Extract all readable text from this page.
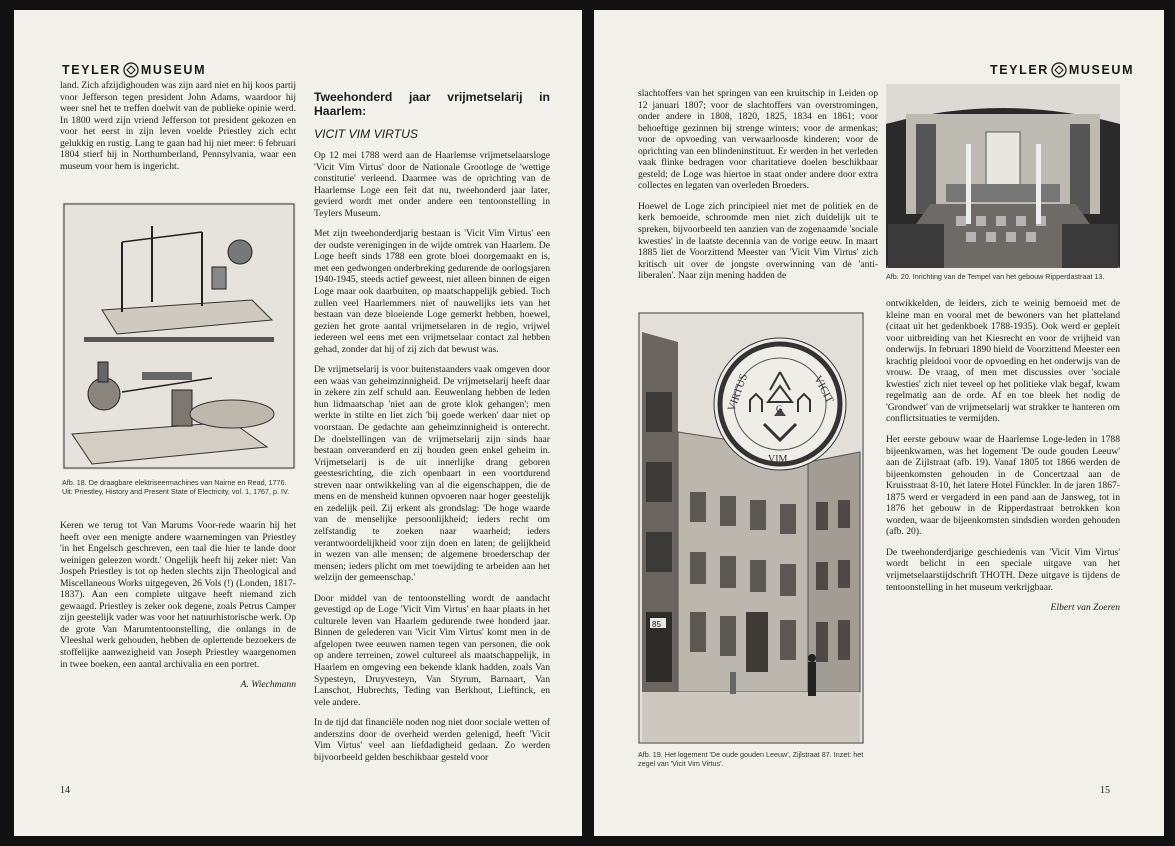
TEYLER MUSEUM

land. Zich afzijdighouden was zijn aard niet en hij koos partij voor Jefferson tegen president John Adams, waardoor hij weer snel het te treffen doelwit van de publieke opinie werd. In 1800 werd zijn vriend Jefferson tot president gekozen en voor het eerst in zijn leven voelde Priestley zich echt gelukkig en rustig. Lang te gaan had hij niet meer: 6 februari 1804 stierf hij in Northumberland, Pennsylvania, waar een museum voor hem is ingericht.

Afb. 18. De draagbare elektriseermachines van Nairne en Read, 1776. Uit: Priestley, History and Present State of Electricity, vol. 1, 1767, p. IV.

Keren we terug tot Van Marums Voor-rede waarin hij het heeft over een menigte andere waarnemingen van Priestley 'in het Engelsch geschreven, een taal die hier te lande door weinigen geleezen wordt.' Ongelijk heeft hij zeker niet: Van Jospeh Priestley is tot op heden slechts zijn Theological and Miscellaneous Works uitgegeven, 26 Vols (!) (Londen, 1817-1837). Aan een complete uitgave heeft niemand zich gewaagd. Priestley is zeker ook degene, zoals Petrus Camper zijn geestelijk vader was voor het natuurhistorische werk. Op de grote Van Marumtentoonstelling, die onlangs in de Vleeshal werk gehouden, hebben de oplettende bezoekers de stoffelijke aanwezigheid van Joseph Priestley waargenomen in twee boeken, een aantal archivalia en een portret.

A. Wiechmann

Tweehonderd jaar vrijmetselarij in Haarlem:

VICIT VIM VIRTUS

Op 12 mei 1788 werd aan de Haarlemse vrijmetselaarsloge 'Vicit Vim Virtus' door de Nationale Grootloge de 'wettige constitutie' verleend. Daarmee was de oprichting van de Haarlemse Loge een feit dat nu, tweehonderd jaar later, gevierd wordt met onder andere een tentoonstelling in Teylers Museum.

Met zijn tweehonderdjarig bestaan is 'Vicit Vim Virtus' een der oudste verenigingen in de wijde omtrek van Haarlem. De Loge heeft sinds 1788 een grote bloei doorgemaakt en is, met een gedwongen onderbreking gedurende de oorlogsjaren 1940-1945, steeds actief geweest, niet alleen binnen de eigen Loge maar ook daarbuiten, op maatschappelijk gebied. Toch zullen veel Haarlemmers niet of nauwelijks iets van het bestaan van deze bloeiende Loge gemerkt hebben, hoewel, gezien het grote aantal vrijmetselaren in de regio, vrijwel iedereen wel eens met een vrijmetselaar contact zal hebben gehad, zonder dat hij of zij zich dat bewust was.

De vrijmetselarij is voor buitenstaanders vaak omgeven door een waas van geheimzinnigheid. De vrijmetselarij heeft daar in zekere zin zelf schuld aan. Eeuwenlang hebben de leden hun lidmaatschap 'niet aan de grote klok gehangen'; men werkte in stilte en liet zich 'bij goede werken' daar niet op voorstaan. De gedachte aan geheimzinnigheid is onterecht. De doelstellingen van de vrijmetselarij zijn sinds haar bestaan onveranderd en zij houden geen enkel geheim in. Vrijmetselarij is de uit innerlijke drang geboren geestesrichting, die zich openbaart in een voortdurend streven naar ontwikkeling van al die eigenschappen, die de mens en de mensheid kunnen opvoeren naar hoger geestelijk en zedelijk peil. Zij erkent als grondslag: 'De hoge waarde van de menselijke persoonlijkheid; ieders recht om zelfstandig te zoeken naar waarheid; ieders verantwoordelijkheid voor zijn doen en laten; de gelijkheid in wezen van alle mensen; de algemene broederschap der mensen; ieders plicht om met toewijding te arbeiden aan het welzijn der gemeenschap.'

Door middel van de tentoonstelling wordt de aandacht gevestigd op de Loge 'Vicit Vim Virtus' en haar plaats in het culturele leven van Haarlem gedurende twee honderd jaar. Binnen de gelederen van 'Vicit Vim Virtus' komt men in de afgelopen twee eeuwen namen tegen van personen, die ook op andere terreinen, zowel cultureel als maatschappelijk, in Haarlem en omgeving een bekende klank hadden, zoals Van Sypesteyn, Druyvesteyn, Van Styrum, Barnaart, Van Lanschot, Hubrechts, Teding van Berkhout, Lieftinck, en vele andere.

In de tijd dat financiële noden nog niet door sociale wetten of anderszins door de overheid werden gelenigd, heeft 'Vicit Vim Virtus' veel aan liefdadigheid gedaan. Zo werden bijvoorbeeld gelden beschikbaar gesteld voor

14
TEYLER MUSEUM

slachtoffers van het springen van een kruitschip in Leiden op 12 januari 1807; voor de slachtoffers van overstromingen, onder andere in 1808, 1820, 1825, 1834 en 1861; voor behoeftige gezinnen bij strenge winters; voor de armenkas; voor de opvoeding van verwaarloosde kinderen; voor de oprichting van een blindeninstituut. Er werden in het verleden vaak flinke bedragen voor charitatieve doelen beschikbaar gesteld; de Loge was hiertoe in staat onder andere door extra collectes en legaten van overleden Broeders.

Hoewel de Loge zich principieel niet met de politiek en de kerk bemoeide, schroomde men niet zich duidelijk uit te spreken, bijvoorbeeld ten aanzien van de zogenaamde 'sociale kwesties' in de laatste decennia van de vorige eeuw. In maart 1885 liet de Voorzittend Meester van 'Vicit Vim Virtus' zich kritisch uit over de jongste overwinning van de 'anti-liberalen'. Naar zijn mening hadden de	Afb. 20. Inrichting van de Tempel van het gebouw Ripperdastraat 13.

ontwikkelden, de leiders, zich te weinig bemoeid met de kleine man en vooral met de bewoners van het platteland (citaat uit het gedenkboek 1788-1935). Ook werd er gepleit voor uitbreiding van het Kiesrecht en voor de vrijheid van onderwijs. In februari 1890 hield de Voorzittend Meester een krachtig pleidooi voor de opvoeding en het onderwijs van de vrouw. De vraag, of men met discussies over 'sociale kwesties' zich niet teveel op het politieke vlak begaf, kwam regelmatig aan de orde. Af en toe bleek het nodig de 'Grondwet' van de vrijmetselarij wat strakker te hanteren om conflictsituaties te vermijden.

Het eerste gebouw waar de Haarlemse Loge-leden in 1788 bijeenkwamen, was het logement 'De oude gouden Leeuw' aan de Zijlstraat (afb. 19). Vanaf 1805 tot 1866 werden de bijeenkomsten gehouden in de Concertzaal aan de Kruisstraat 8-10, het latere Hotel Fünckler. In de jaren 1867-1875 werd er vergaderd in een pand aan de Jansweg, tot in 1876 het gebouw in de Ripperdastraat betrokken kon worden, waar de bijeenkomsten sindsdien worden gehouden (afb. 20).

De tweehonderdjarige geschiedenis van 'Vicit Vim Virtus' wordt belicht in een speciale uitgave van het vrijmetselaarstijdschrift THOTH. Deze uitgave is tijdens de tentoonstelling in het museum verkrijgbaar.

Elbert van Zoeren

85
VIRTUS	VICIT
VIM
G
Afb. 19. Het logement 'De oude gouden Leeuw', Zijlstraat 87. Inzet: het zegel van 'Vicit Vim Virtus'.
15
